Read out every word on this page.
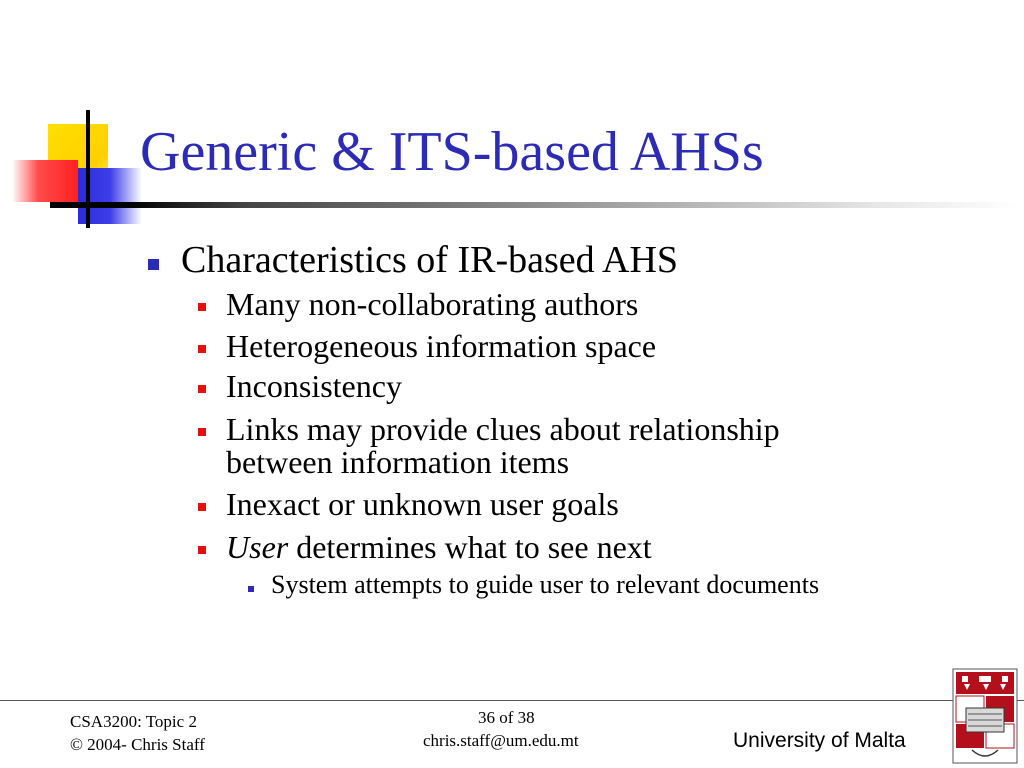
Generic & ITS-based AHSs
Characteristics of IR-based AHS
Many non-collaborating authors
Heterogeneous information space
Inconsistency
Links may provide clues about relationship
between information items
Inexact or unknown user goals
User determines what to see next
System attempts to guide user to relevant documents
CSA3200: Topic 2
© 2004- Chris Staff
36 of 38
chris.staff@um.edu.mt	University of Malta
